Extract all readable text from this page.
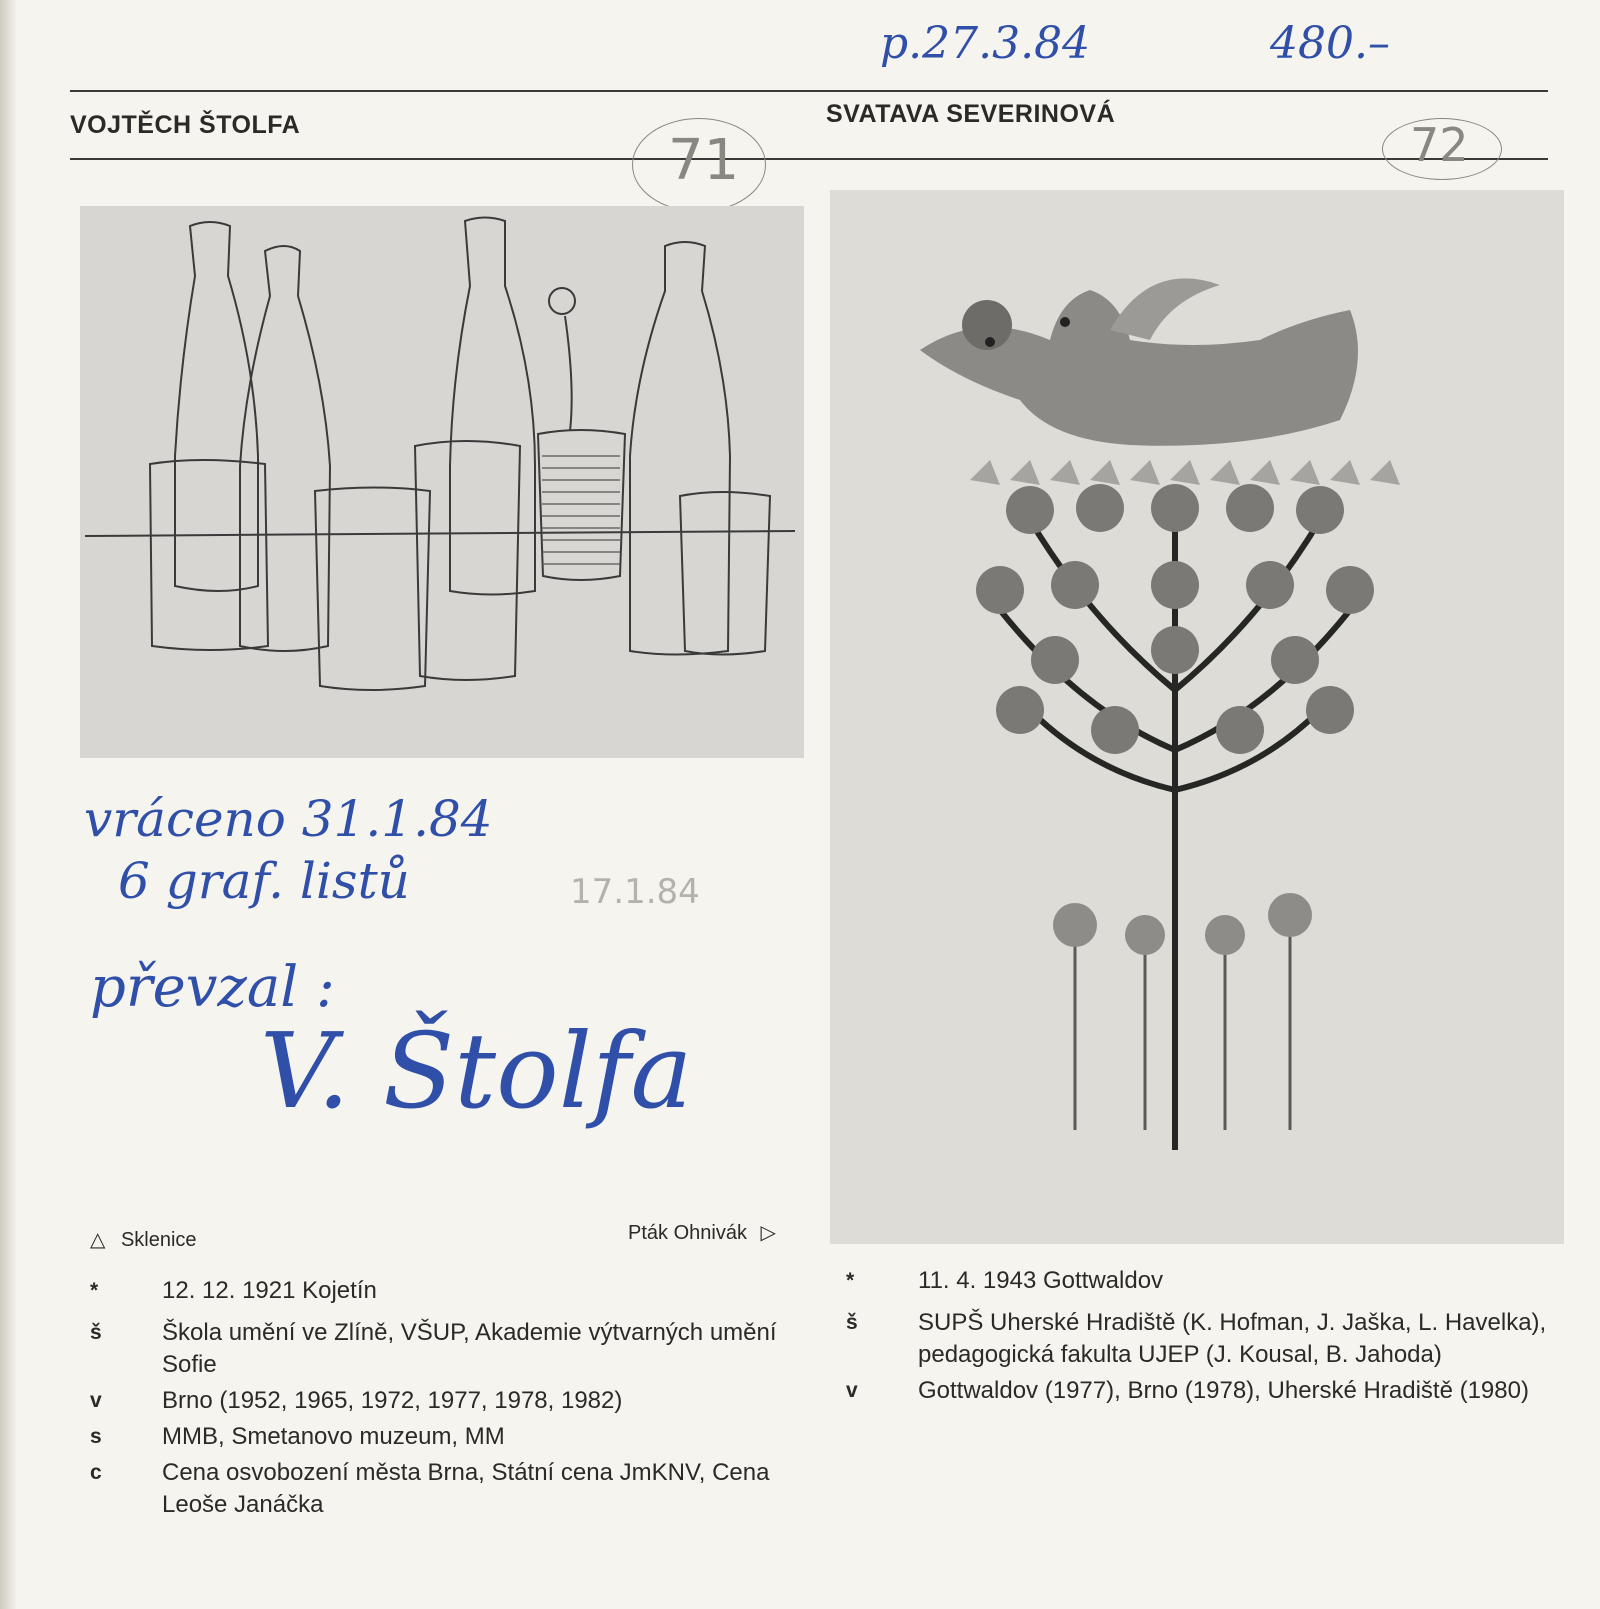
p.27.3.84	480.–
VOJTĚCH ŠTOLFA	SVATAVA SEVERINOVÁ
71	72
vráceno 31.1.84
6 graf. listů	17.1.84
převzal :
V. Štolfa
△ Sklenice	Pták Ohnivák ▷
*	12. 12. 1921 Kojetín
š	Škola umění ve Zlíně, VŠUP, Akademie výtvarných umění Sofie
v	Brno (1952, 1965, 1972, 1977, 1978, 1982)
s	MMB, Smetanovo muzeum, MM
c	Cena osvobození města Brna, Státní cena JmKNV, Cena Leoše Janáčka
*	11. 4. 1943 Gottwaldov
š	SUPŠ Uherské Hradiště (K. Hofman, J. Jaška, L. Havelka), pedagogická fakulta UJEP (J. Kousal, B. Jahoda)
v	Gottwaldov (1977), Brno (1978), Uherské Hradiště (1980)
